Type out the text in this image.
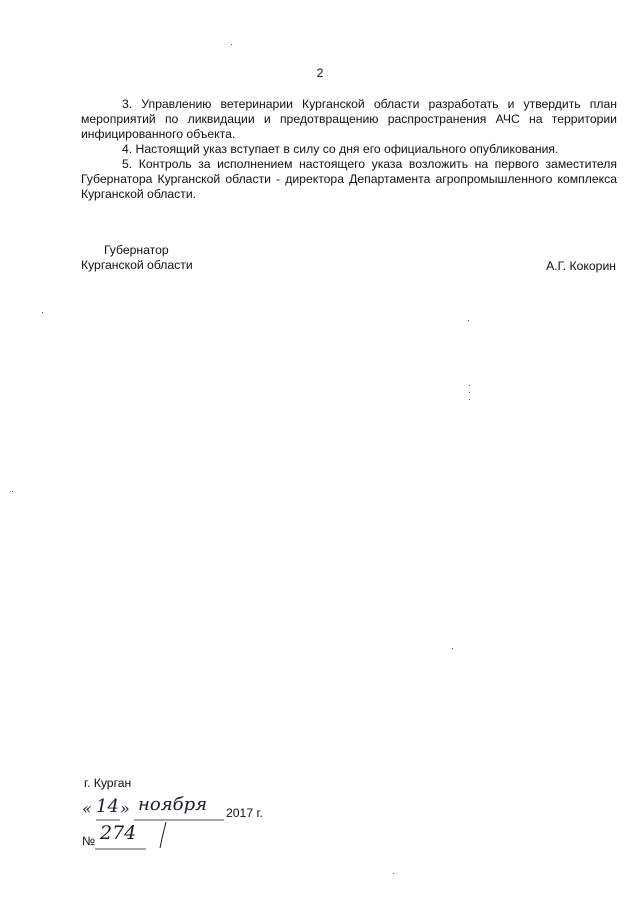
2

3. Управлению ветеринарии Курганской области разработать и утвердить план мероприятий по ликвидации и предотвращению распространения АЧС на территории инфицированного объекта.

4. Настоящий указ вступает в силу со дня его официального опубликования.

5. Контроль за исполнением настоящего указа возложить на первого заместителя Губернатора Курганской области - директора Департамента агропромышленного комплекса Курганской области.

Губернатор
Курганской области	А.Г. Кокорин
г. Курган
« 14 » ноября 2017 г.
№ 274
